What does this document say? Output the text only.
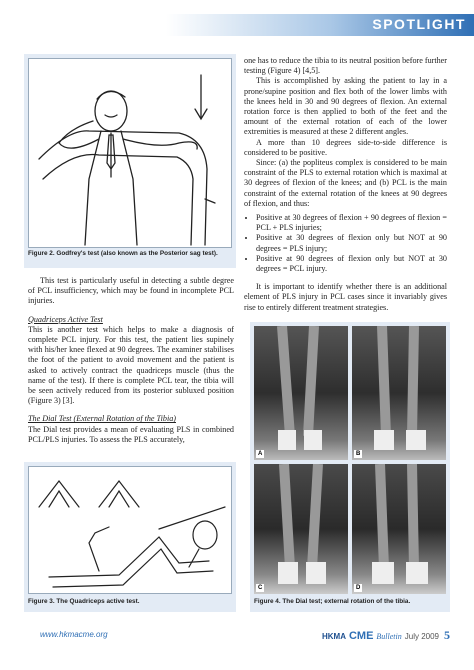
SPOTLIGHT
Figure 2. Godfrey's test (also known as the Posterior sag test).

This test is particularly useful in detecting a subtle degree of PCL insufficiency, which may be found in incomplete PCL injuries.

Quadriceps Active Test

This is another test which helps to make a diagnosis of complete PCL injury. For this test, the patient lies supinely with his/her knee flexed at 90 degrees. The examiner stabilises the foot of the patient to avoid movement and the patient is asked to actively contract the quadriceps muscle (thus the name of the test). If there is complete PCL tear, the tibia will be seen actively reduced from its posterior subluxed position (Figure 3) [3].

The Dial Test (External Rotation of the Tibia)

The Dial test provides a mean of evaluating PLS in combined PCL/PLS injuries. To assess the PLS accurately,

Figure 3. The Quadriceps active test.

one has to reduce the tibia to its neutral position before further testing (Figure 4) [4,5].

This is accomplished by asking the patient to lay in a prone/supine position and flex both of the lower limbs with the knees held in 30 and 90 degrees of flexion. An external rotation force is then applied to both of the feet and the amount of the external rotation of each of the lower extremities is measured at these 2 different angles.

A more than 10 degrees side-to-side difference is considered to be positive.

Since: (a) the popliteus complex is considered to be main constraint of the PLS to external rotation which is maximal at 30 degrees of flexion of the knees; and (b) PCL is the main constraint of the external rotation of the knees at 90 degrees of flexion, and thus:

• Positive at 30 degrees of flexion + 90 degrees of flexion = PCL + PLS injuries;
• Positive at 30 degrees of flexion only but NOT at 90 degrees = PLS injury;
• Positive at 90 degrees of flexion only but NOT at 30 degrees = PCL injury.

It is important to identify whether there is an additional element of PLS injury in PCL cases since it invariably gives rise to entirely different treatment strategies.

A	B
C	D
Figure 4. The Dial test; external rotation of the tibia.
www.hkmacme.org	HKMA CME Bulletin July 2009 5
